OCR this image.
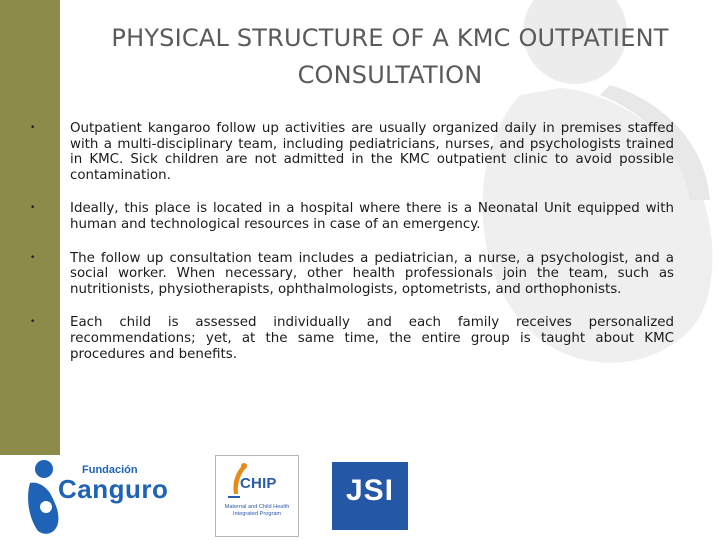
PHYSICAL STRUCTURE OF A KMC OUTPATIENT
CONSULTATION
•	Outpatient kangaroo follow up activities are usually organized daily in premises staffed with a multi-disciplinary team, including pediatricians, nurses, and psychologists trained in KMC. Sick children are not admitted in the KMC outpatient clinic to avoid possible contamination.
•	Ideally, this place is located in a hospital where there is a Neonatal Unit equipped with human and technological resources in case of an emergency.
•	The follow up consultation team includes a pediatrician, a nurse, a psychologist, and a social worker. When necessary, other health professionals join the team, such as nutritionists, physiotherapists, ophthalmologists, optometrists, and orthophonists.
•	Each child is assessed individually and each family receives personalized recommendations; yet, at the same time, the entire group is taught about KMC procedures and benefits.
Fundación
Canguro	CHIP
Maternal and Child Health
Integrated Program
JSI
